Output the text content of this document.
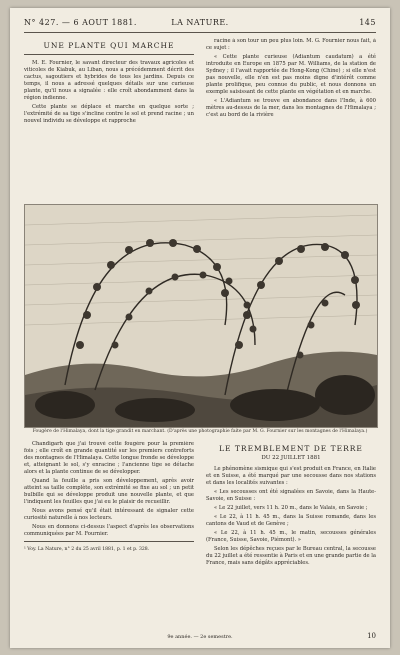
N° 427. — 6 AOUT 1881.	LA NATURE.	145
UNE PLANTE QUI MARCHE

M. E. Fournier, le savant directeur des travaux agricoles et viticoles de Kiabuk, au Liban, nous a précédemment décrit des cactus, sagoutiers et hybrides de tous les jardins. Depuis ce temps, il nous a adressé quelques détails sur une curieuse plante, qu'il nous a signalée : elle croît abondamment dans la région indienne.

Cette plante se déplace et marche en quelque sorte ; l'extrémité de sa tige s'incline contre le sol et prend racine ; un nouvel individu se développe et rapproche

racine à son tour un peu plus loin. M. G. Fournier nous fait, à ce sujet :

« Cette plante curieuse (Adiantum caudatum) a été introduite en Europe en 1875 par M. Williams, de la station de Sydney ; il l'avait rapportée de Hong-Kong (Chine) ; si elle n'est pas nouvelle, elle n'en est pas moins digne d'intérêt comme plante prolifique, peu connue du public, et nous donnons un exemple saisissant de cette plante en végétation et en marche.

« L'Adiantum se trouve en abondance dans l'Inde, à 600 mètres au-dessus de la mer, dans les montagnes de l'Himalaya ; c'est au bord de la rivière

Fougère de l'Himalaya, dont la tige grandit en marchant. (D'après une photographie faite par M. G. Fournier sur les montagnes de l'Himalaya.)

Chandigarh que j'ai trouvé cette fougère pour la première fois ; elle croît en grande quantité sur les premiers contreforts des montagnes de l'Himalaya. Cette longue fronde se développe et, atteignant le sol, s'y enracine ; l'ancienne tige se détache alors et la plante continue de se développer.

Quand la feuille a pris son développement, après avoir atteint sa taille complète, son extrémité se fixe au sol ; un petit bulbille qui se développe produit une nouvelle plante, et que l'indiquent les feuilles que j'ai eu le plaisir de recueillir.

Nous avons pensé qu'il était intéressant de signaler cette curiosité naturelle à nos lecteurs.

Nous en donnons ci-dessus l'aspect d'après les observations communiquées par M. Fournier.

¹ Voy. La Nature, n° 2 du 25 avril 1881, p. 1 et p. 328.
LE TREMBLEMENT DE TERRE
DU 22 JUILLET 1881

Le phénomène sismique qui s'est produit en France, en Italie et en Suisse, a été marqué par une secousse dans nos stations et dans les localités suivantes :

« Les secousses ont été signalées en Savoie, dans la Haute-Savoie, en Suisse :

« Le 22 juillet, vers 11 h. 20 m., dans le Valais, en Savoie ;

« Le 22, à 11 h. 45 m., dans la Suisse romande, dans les cantons de Vaud et de Genève ;

« Le 22, à 11 h. 45 m., le matin, secousses générales (France, Suisse, Savoie, Piémont). »

Selon les dépêches reçues par le Bureau central, la secousse du 22 juillet a été ressentie à Paris et en une grande partie de la France, mais sans dégâts appréciables.

9e année. — 2e semestre.	10
